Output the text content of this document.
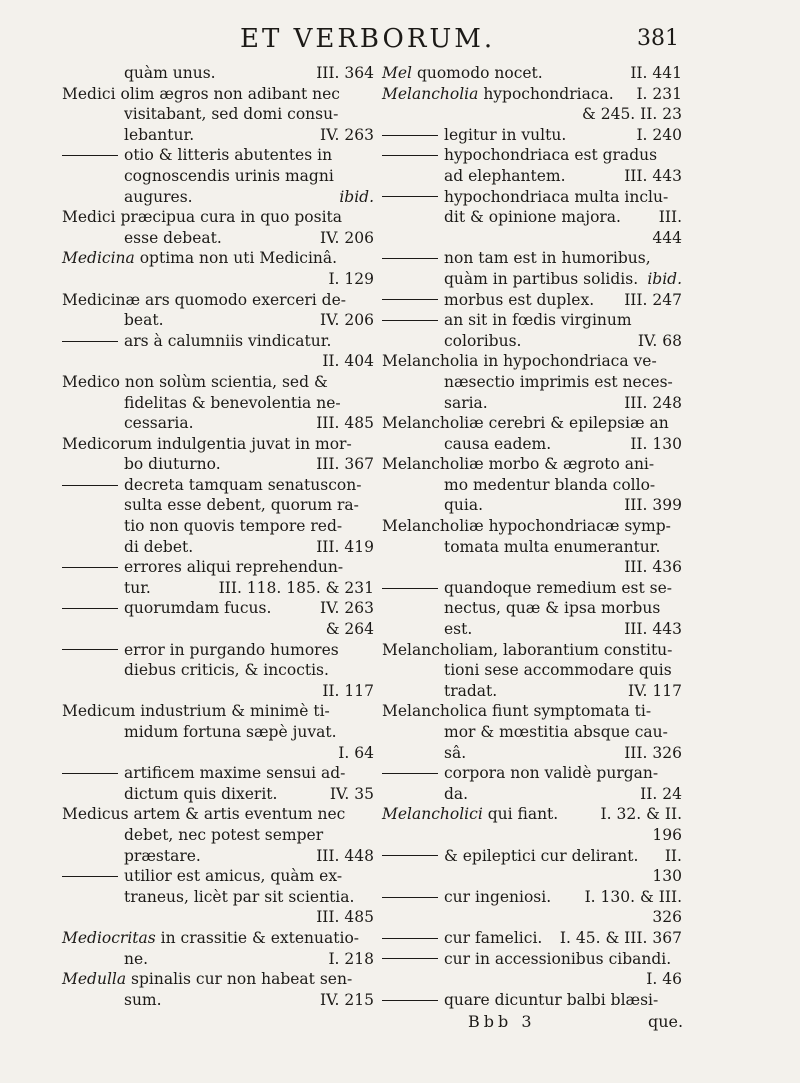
ET VERBORUM.	381
quàm unus.	III. 364
Medici olim ægros non adibant nec
visitabant, sed domi consu-
lebantur.	IV. 263
otio & litteris abutentes in
cognoscendis urinis magni
augures.	ibid.
Medici præcipua cura in quo posita
esse debeat.	IV. 206
Medicina optima non uti Medicinâ.
I. 129
Medicinæ ars quomodo exerceri de-
beat.	IV. 206
ars à calumniis vindicatur.
II. 404
Medico non solùm scientia, sed &
fidelitas & benevolentia ne-
cessaria.	III. 485
Medicorum indulgentia juvat in mor-
bo diuturno.	III. 367
decreta tamquam senatuscon-
sulta esse debent, quorum ra-
tio non quovis tempore red-
di debet.	III. 419
errores aliqui reprehendun-
tur.	III. 118. 185. & 231
quorumdam fucus.	IV. 263
& 264
error in purgando humores
diebus criticis, & incoctis.
II. 117
Medicum industrium & minimè ti-
midum fortuna sæpè juvat.
I. 64
artificem maxime sensui ad-
dictum quis dixerit.	IV. 35
Medicus artem & artis eventum nec
debet, nec potest semper
præstare.	III. 448
utilior est amicus, quàm ex-
traneus, licèt par sit scientia.
III. 485
Mediocritas in crassitie & extenuatio-
ne.	I. 218
Medulla spinalis cur non habeat sen-
sum.	IV. 215
Mel quomodo nocet.	II. 441
Melancholia hypochondriaca.	I. 231
& 245. II. 23
legitur in vultu.	I. 240
hypochondriaca est gradus
ad elephantem.	III. 443
hypochondriaca multa inclu-
dit & opinione majora.	III.
444
non tam est in humoribus,
quàm in partibus solidis. ibid.
morbus est duplex.	III. 247
an sit in fœdis virginum
coloribus.	IV. 68
Melancholia in hypochondriaca ve-
næsectio imprimis est neces-
saria.	III. 248
Melancholiæ cerebri & epilepsiæ an
causa eadem.	II. 130
Melancholiæ morbo & ægroto ani-
mo medentur blanda collo-
quia.	III. 399
Melancholiæ hypochondriacæ symp-
tomata multa enumerantur.
III. 436
quandoque remedium est se-
nectus, quæ & ipsa morbus
est.	III. 443
Melancholiam, laborantium constitu-
tioni sese accommodare quis
tradat.	IV. 117
Melancholica fiunt symptomata ti-
mor & mœstitia absque cau-
sâ.	III. 326
corpora non validè purgan-
da.	II. 24
Melancholici qui fiant.	I. 32. & II.
196
& epileptici cur delirant.	II.
130
cur ingeniosi.	I. 130. & III.
326
cur famelici.	I. 45. & III. 367
cur in accessionibus cibandi.
I. 46
quare dicuntur balbi blæsi-
Bbb 3	que.
